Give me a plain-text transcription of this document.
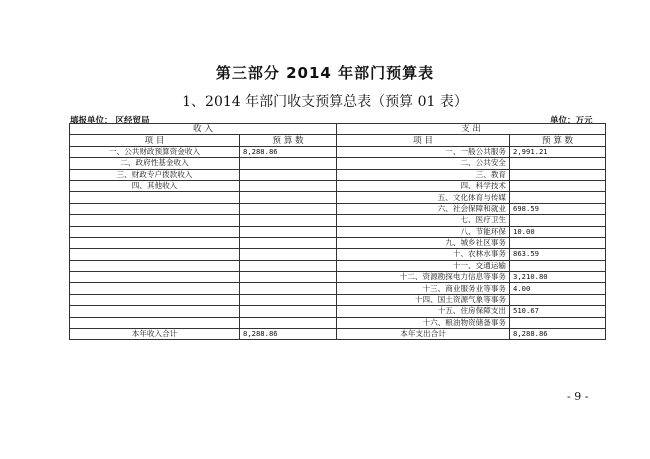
第三部分 2014 年部门预算表
1、2014 年部门收支预算总表（预算 01 表）
填报单位： 区经贸局	单位：万元
收 入		支 出	
项 目	预 算 数	项 目	预 算 数
一、公共财政预算资金收入	8,288.86	一、一般公共服务	2,991.21
二、政府性基金收入		二、公共安全	
三、财政专户拨款收入		三、教育	
四、其他收入		四、科学技术	
		五、文化体育与传媒	
		六、社会保障和就业	698.59
		七、医疗卫生	
		八、节能环保	10.00
		九、城乡社区事务	
		十、农林水事务	863.59
		十一、交通运输	
		十二、资源勘探电力信息等事务	3,210.80
		十三、商业服务业等事务	4.00
		十四、国土资源气象等事务	
		十五、住房保障支出	510.67
		十六、粮油物资储备事务	
本年收入合计	8,288.86	本年支出合计	8,288.86
- 9 -
